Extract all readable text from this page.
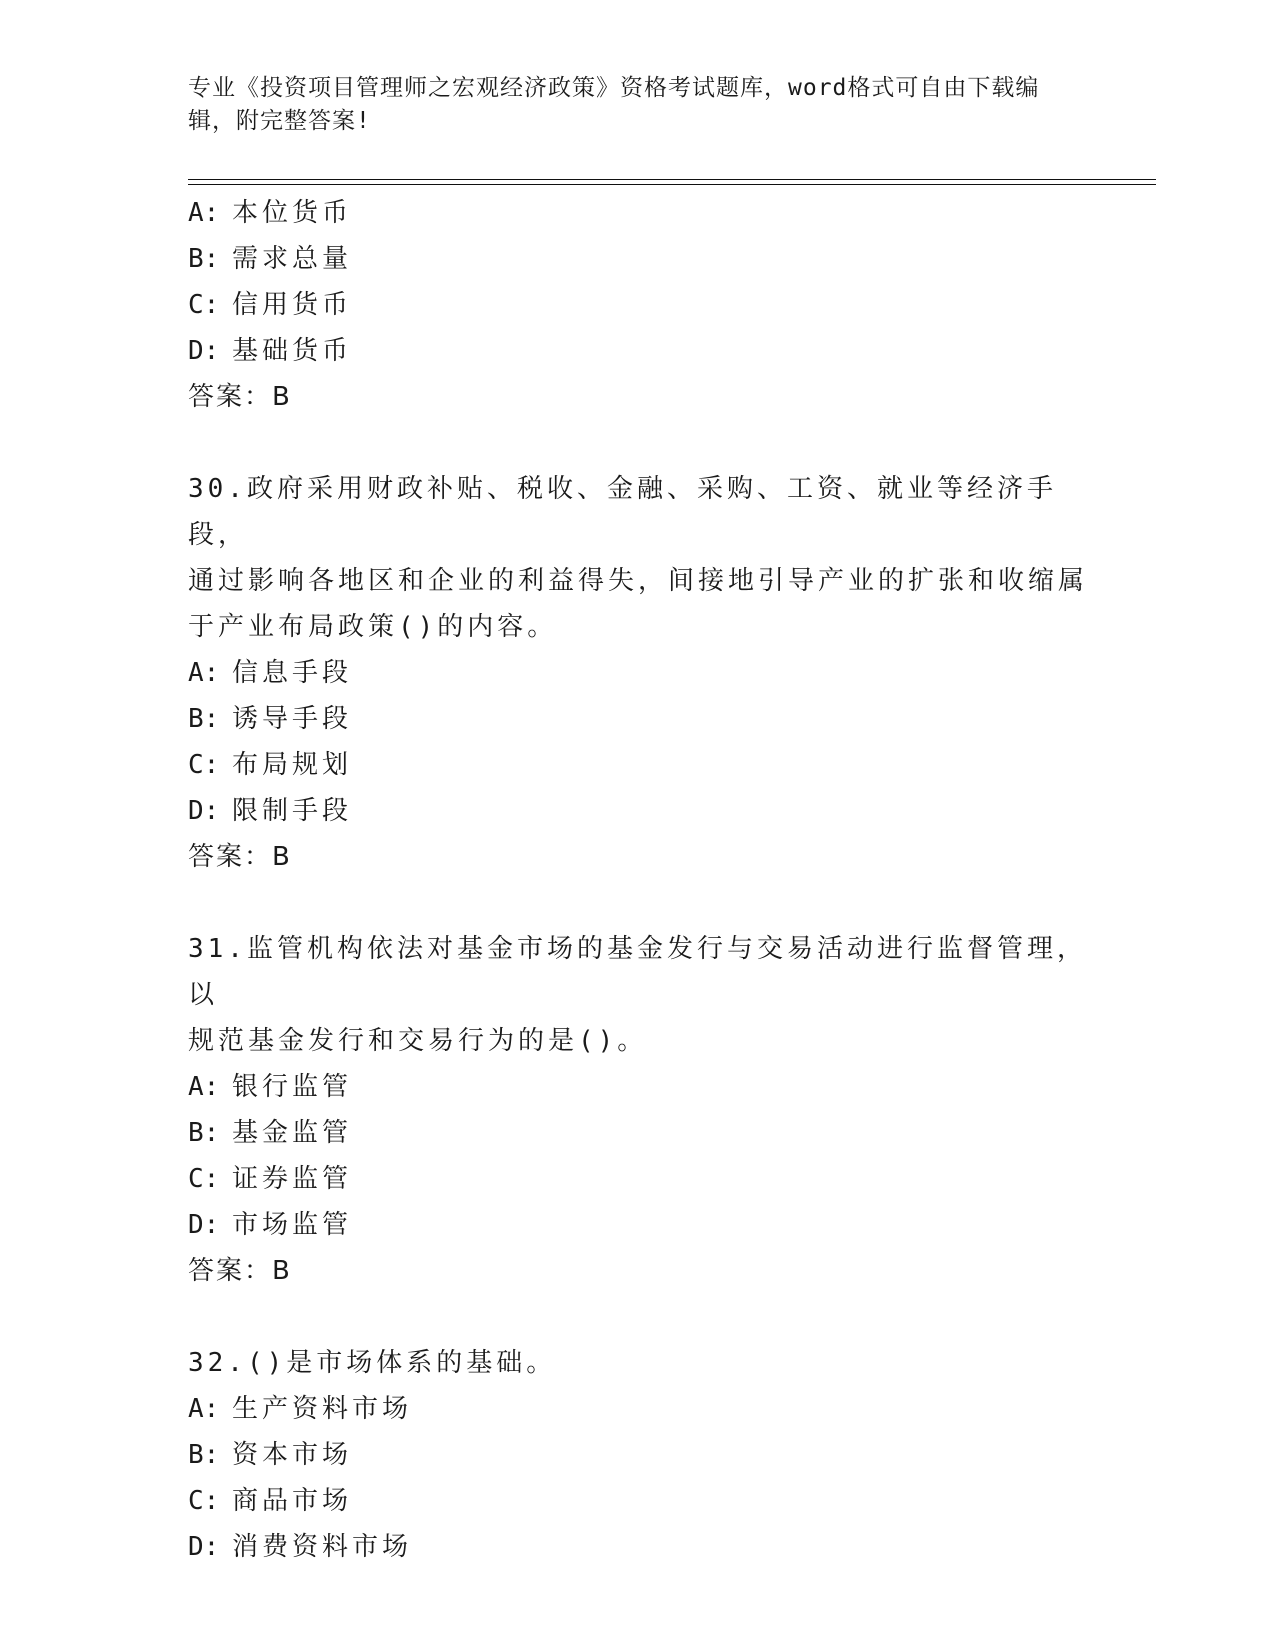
专业《投资项目管理师之宏观经济政策》资格考试题库，word格式可自由下载编
辑，附完整答案!
A: 本位货币
B: 需求总量
C: 信用货币
D: 基础货币
答案：B
30.政府采用财政补贴、税收、金融、采购、工资、就业等经济手段，
通过影响各地区和企业的利益得失，间接地引导产业的扩张和收缩属
于产业布局政策()的内容。
A: 信息手段
B: 诱导手段
C: 布局规划
D: 限制手段
答案：B
31.监管机构依法对基金市场的基金发行与交易活动进行监督管理，以
规范基金发行和交易行为的是()。
A: 银行监管
B: 基金监管
C: 证券监管
D: 市场监管
答案：B
32.()是市场体系的基础。
A: 生产资料市场
B: 资本市场
C: 商品市场
D: 消费资料市场
